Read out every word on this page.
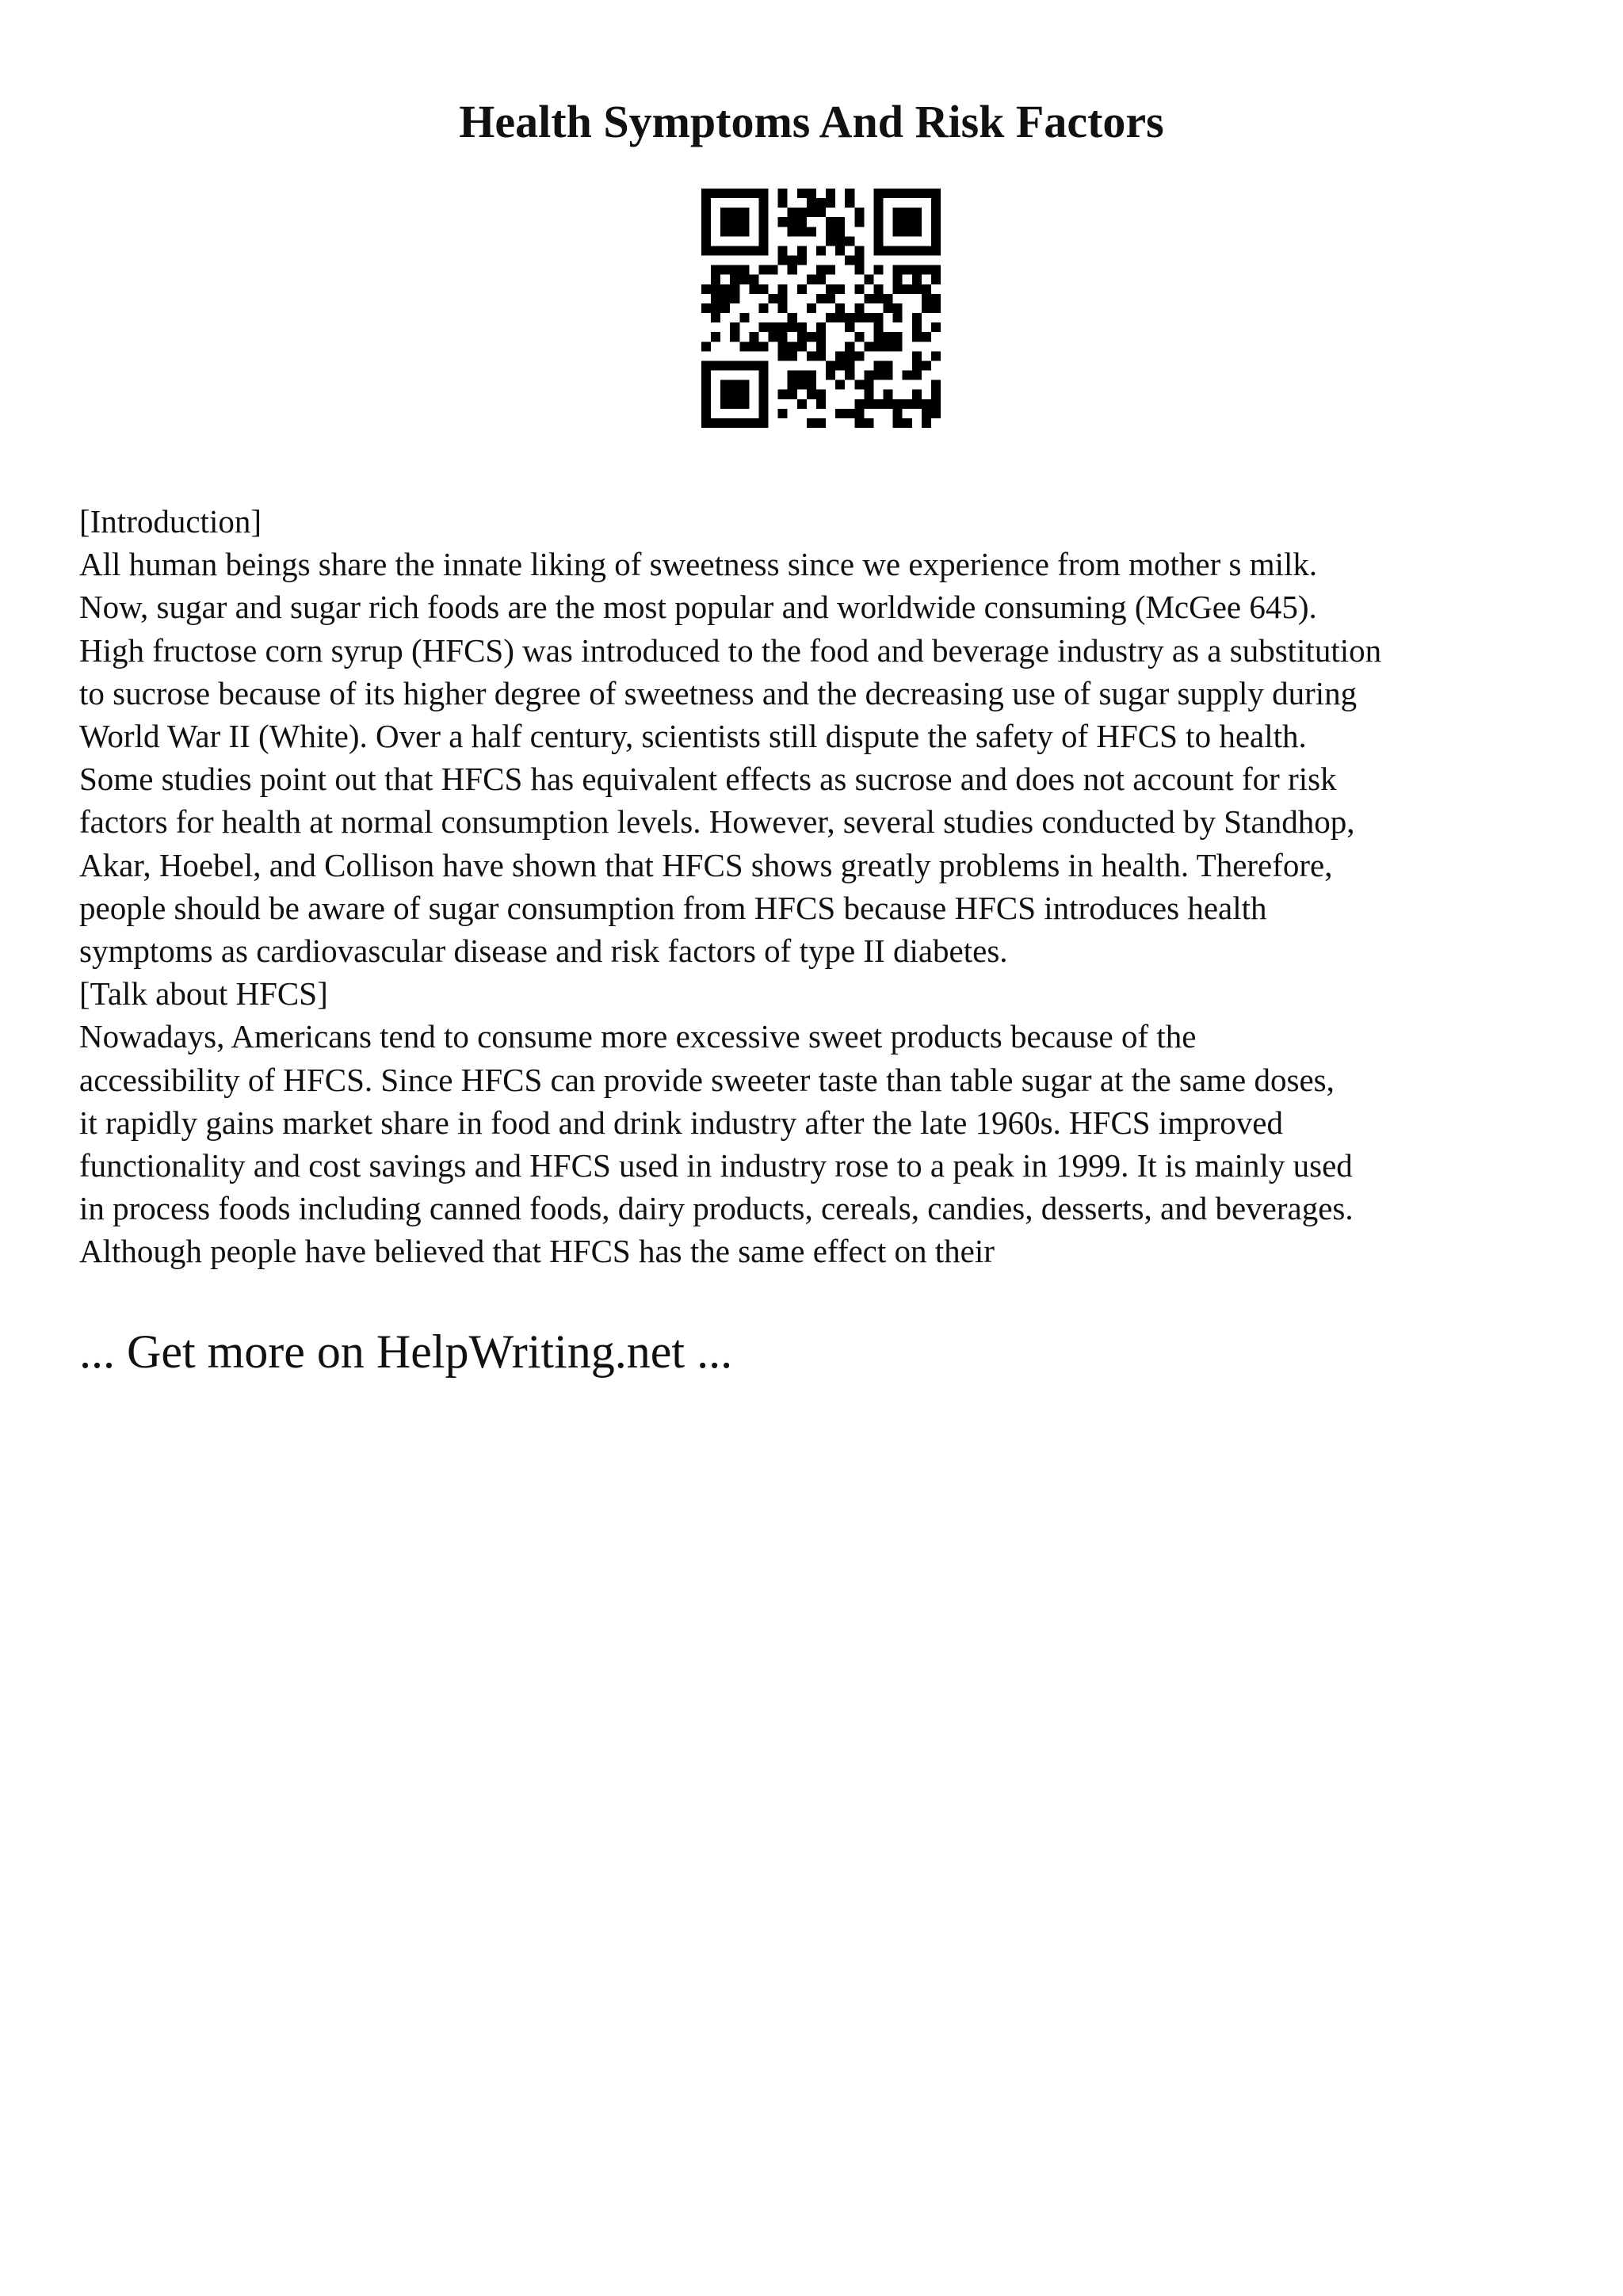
Health Symptoms And Risk Factors
[Introduction]
All human beings share the innate liking of sweetness since we experience from mother s milk.
Now, sugar and sugar rich foods are the most popular and worldwide consuming (McGee 645).
High fructose corn syrup (HFCS) was introduced to the food and beverage industry as a substitution
to sucrose because of its higher degree of sweetness and the decreasing use of sugar supply during
World War II (White). Over a half century, scientists still dispute the safety of HFCS to health.
Some studies point out that HFCS has equivalent effects as sucrose and does not account for risk
factors for health at normal consumption levels. However, several studies conducted by Standhop,
Akar, Hoebel, and Collison have shown that HFCS shows greatly problems in health. Therefore,
people should be aware of sugar consumption from HFCS because HFCS introduces health
symptoms as cardiovascular disease and risk factors of type II diabetes.
[Talk about HFCS]
Nowadays, Americans tend to consume more excessive sweet products because of the
accessibility of HFCS. Since HFCS can provide sweeter taste than table sugar at the same doses,
it rapidly gains market share in food and drink industry after the late 1960s. HFCS improved
functionality and cost savings and HFCS used in industry rose to a peak in 1999. It is mainly used
in process foods including canned foods, dairy products, cereals, candies, desserts, and beverages.
Although people have believed that HFCS has the same effect on their
... Get more on HelpWriting.net ...
